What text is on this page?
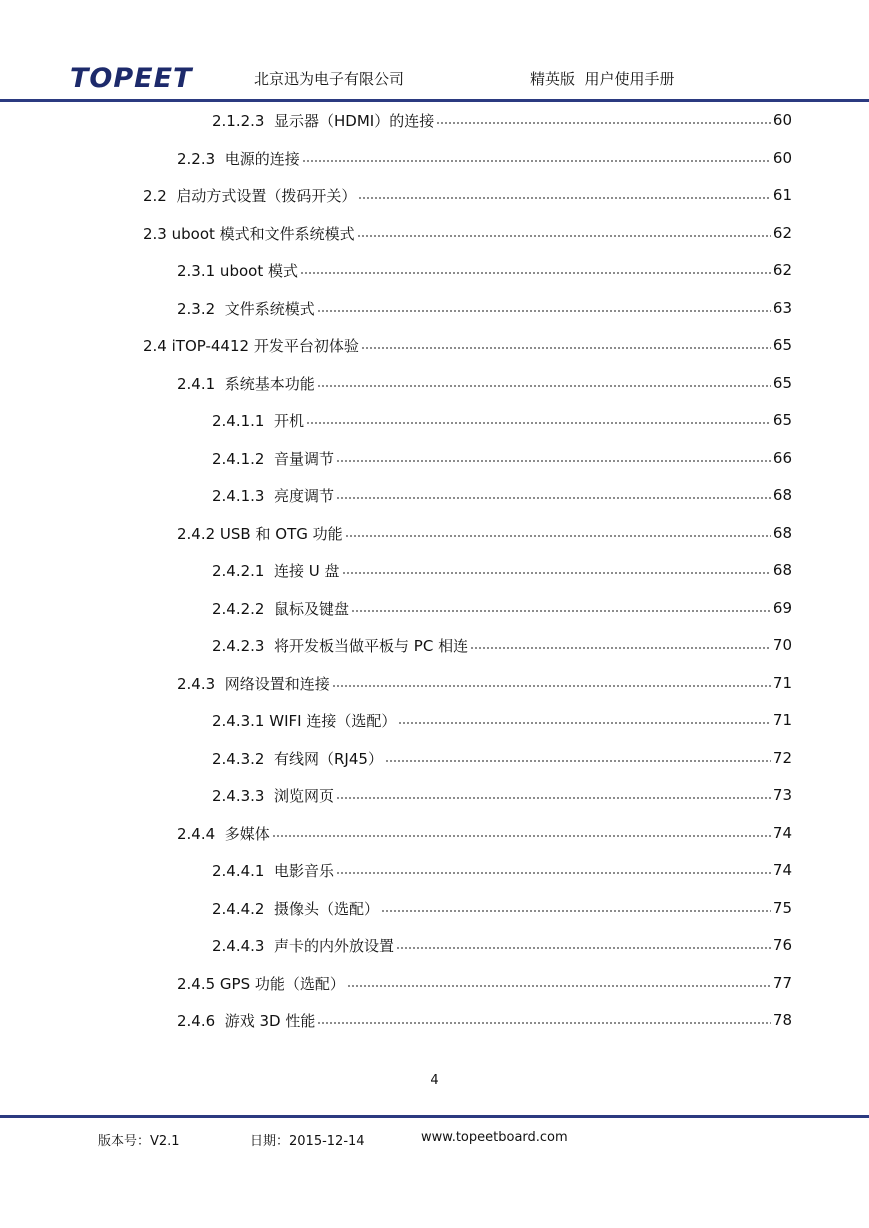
TOPEET	北京迅为电子有限公司	精英版  用户使用手册
2.1.2.3  显示器（HDMI）的连接	60
2.2.3  电源的连接	60
2.2  启动方式设置（拨码开关）	61
2.3 uboot 模式和文件系统模式	62
2.3.1 uboot 模式	62
2.3.2  文件系统模式	63
2.4 iTOP-4412 开发平台初体验	65
2.4.1  系统基本功能	65
2.4.1.1  开机	65
2.4.1.2  音量调节	66
2.4.1.3  亮度调节	68
2.4.2 USB 和 OTG 功能	68
2.4.2.1  连接 U 盘	68
2.4.2.2  鼠标及键盘	69
2.4.2.3  将开发板当做平板与 PC 相连	70
2.4.3  网络设置和连接	71
2.4.3.1 WIFI 连接（选配）	71
2.4.3.2  有线网（RJ45）	72
2.4.3.3  浏览网页	73
2.4.4  多媒体	74
2.4.4.1  电影音乐	74
2.4.4.2  摄像头（选配）	75
2.4.4.3  声卡的内外放设置	76
2.4.5 GPS 功能（选配）	77
2.4.6  游戏 3D 性能	78
4
版本号：V2.1	日期：2015-12-14	www.topeetboard.com
